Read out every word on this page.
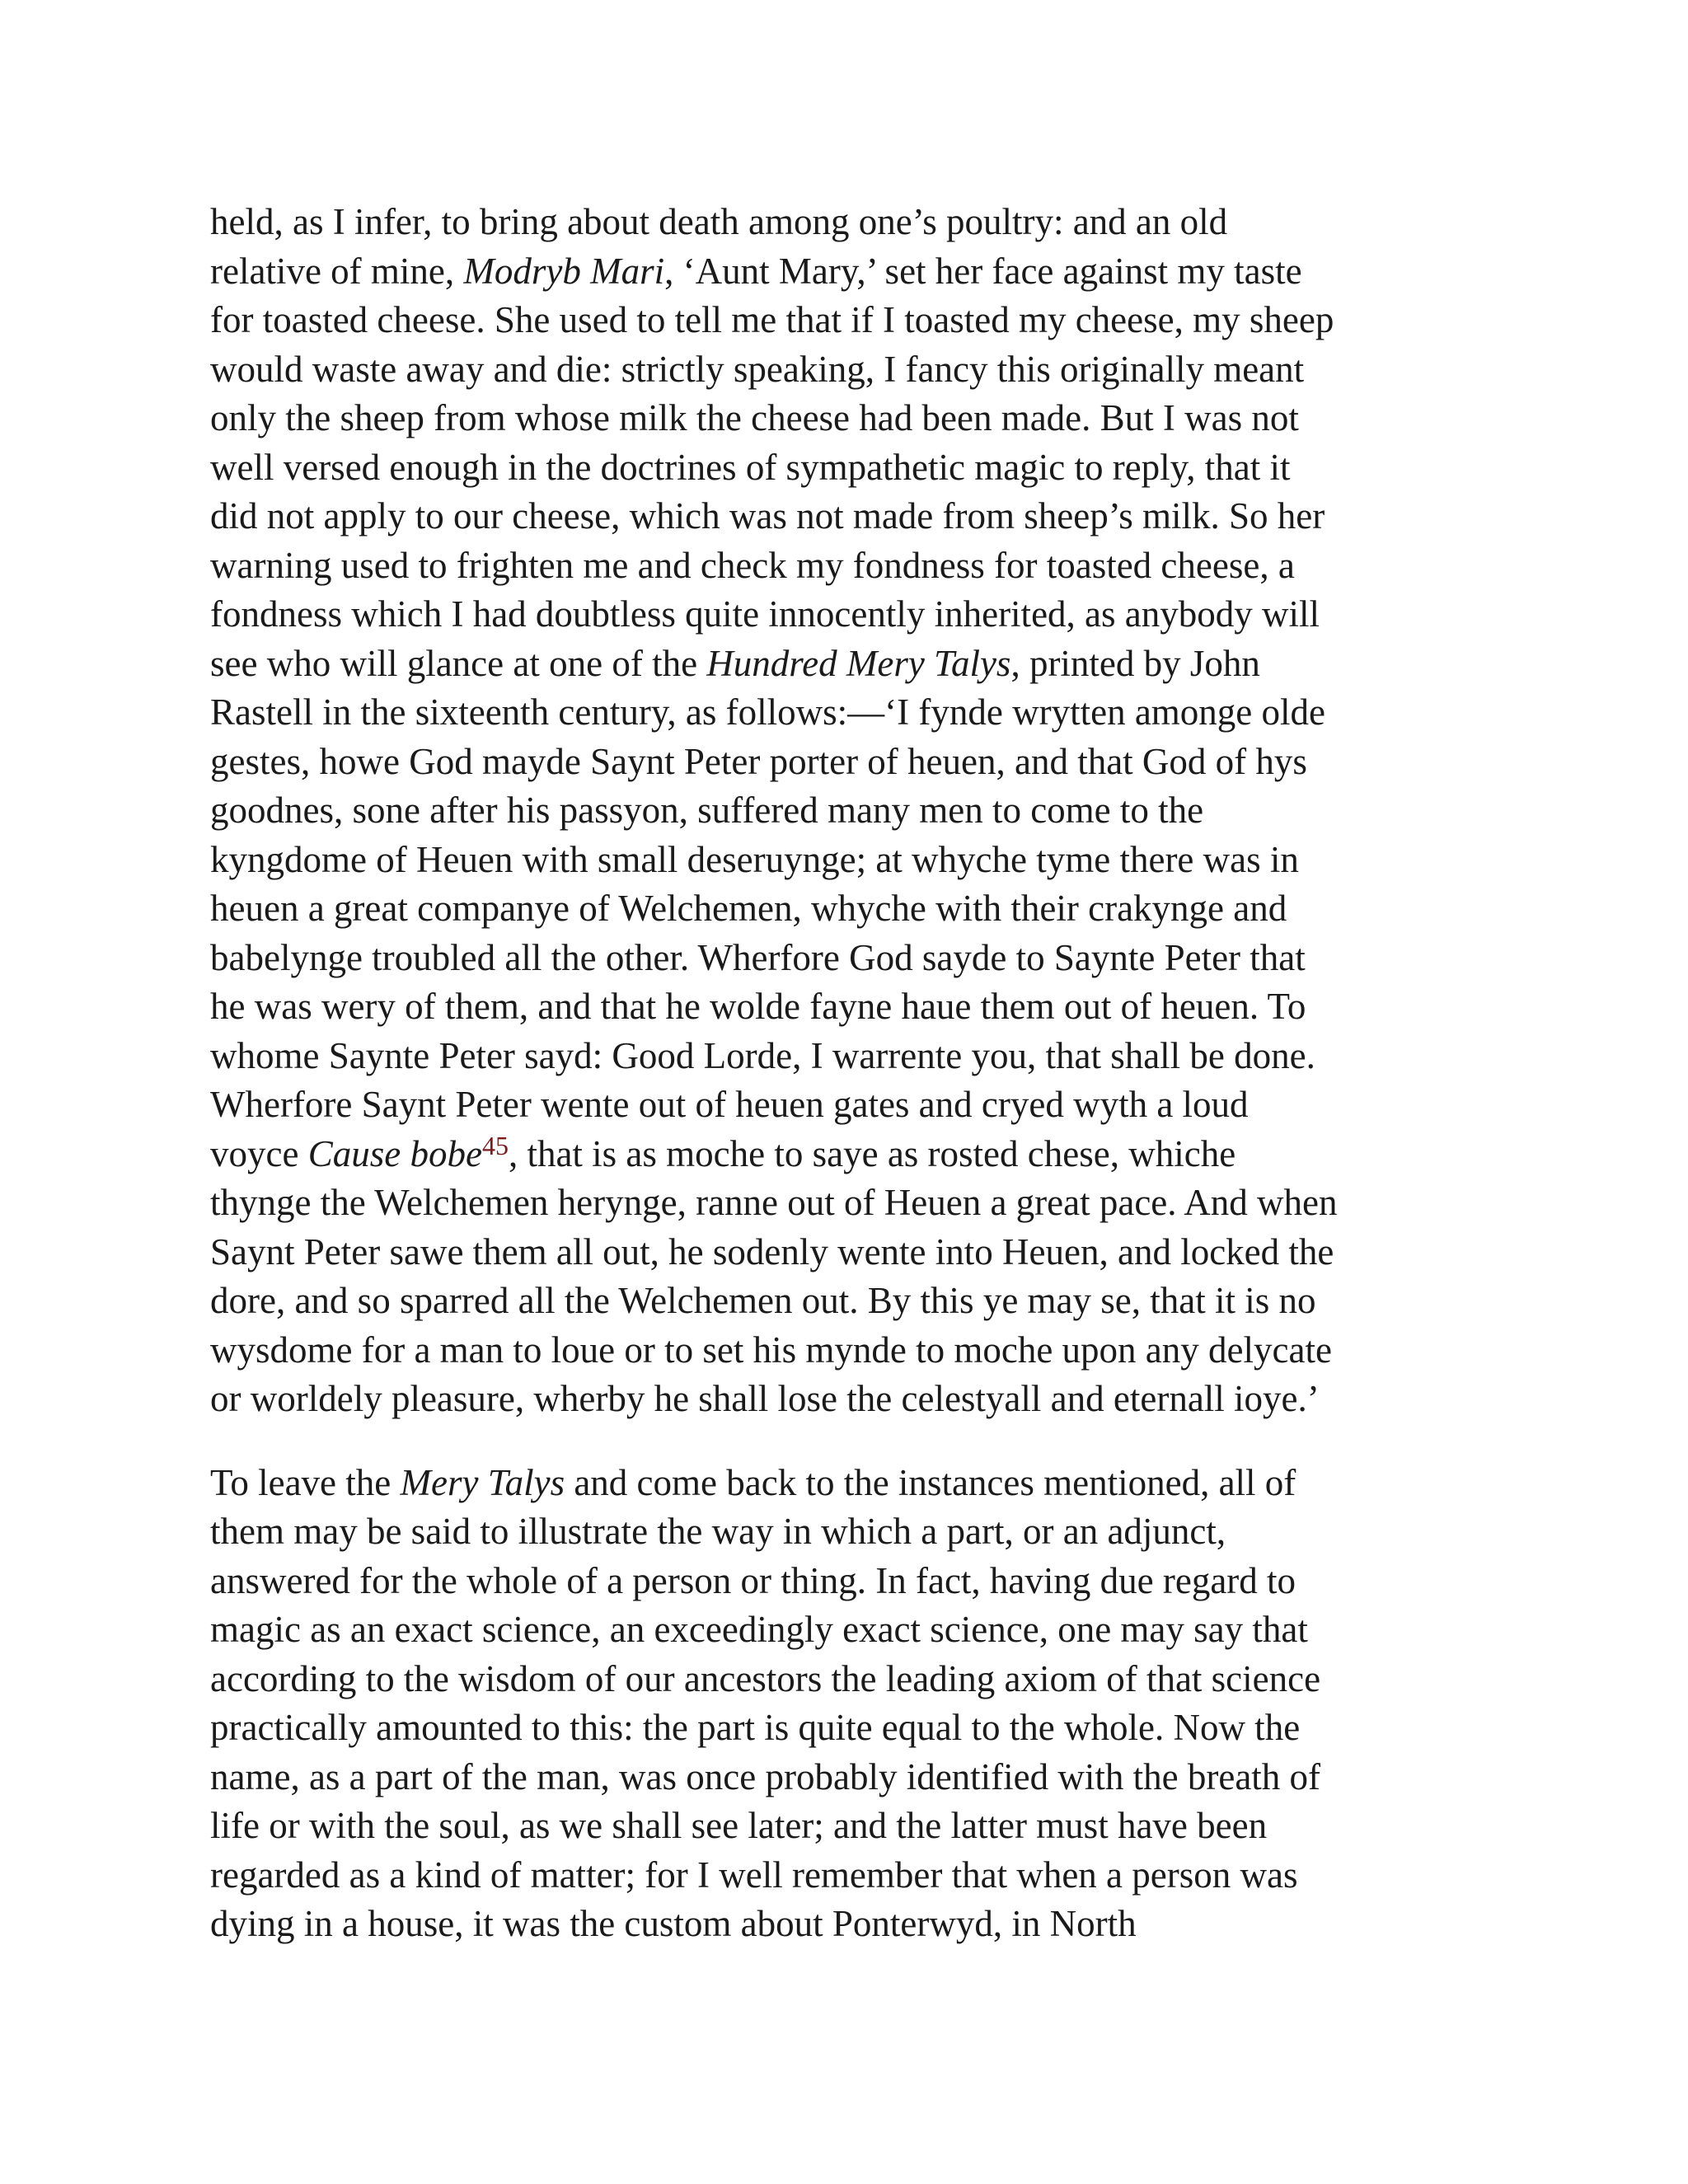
held, as I infer, to bring about death among one’s poultry: and an old
relative of mine, Modryb Mari, ‘Aunt Mary,’ set her face against my taste
for toasted cheese. She used to tell me that if I toasted my cheese, my sheep
would waste away and die: strictly speaking, I fancy this originally meant
only the sheep from whose milk the cheese had been made. But I was not
well versed enough in the doctrines of sympathetic magic to reply, that it
did not apply to our cheese, which was not made from sheep’s milk. So her
warning used to frighten me and check my fondness for toasted cheese, a
fondness which I had doubtless quite innocently inherited, as anybody will
see who will glance at one of the Hundred Mery Talys, printed by John
Rastell in the sixteenth century, as follows:—‘I fynde wrytten amonge olde
gestes, howe God mayde Saynt Peter porter of heuen, and that God of hys
goodnes, sone after his passyon, suffered many men to come to the
kyngdome of Heuen with small deseruynge; at whyche tyme there was in
heuen a great companye of Welchemen, whyche with their crakynge and
babelynge troubled all the other. Wherfore God sayde to Saynte Peter that
he was wery of them, and that he wolde fayne haue them out of heuen. To
whome Saynte Peter sayd: Good Lorde, I warrente you, that shall be done.
Wherfore Saynt Peter wente out of heuen gates and cryed wyth a loud
voyce Cause bobe$^{45}$, that is as moche to saye as rosted chese, whiche
thynge the Welchemen herynge, ranne out of Heuen a great pace. And when
Saynt Peter sawe them all out, he sodenly wente into Heuen, and locked the
dore, and so sparred all the Welchemen out. By this ye may se, that it is no
wysdome for a man to loue or to set his mynde to moche upon any delycate
or worldely pleasure, wherby he shall lose the celestyall and eternall ioye.’

To leave the Mery Talys and come back to the instances mentioned, all of
them may be said to illustrate the way in which a part, or an adjunct,
answered for the whole of a person or thing. In fact, having due regard to
magic as an exact science, an exceedingly exact science, one may say that
according to the wisdom of our ancestors the leading axiom of that science
practically amounted to this: the part is quite equal to the whole. Now the
name, as a part of the man, was once probably identified with the breath of
life or with the soul, as we shall see later; and the latter must have been
regarded as a kind of matter; for I well remember that when a person was
dying in a house, it was the custom about Ponterwyd, in North
